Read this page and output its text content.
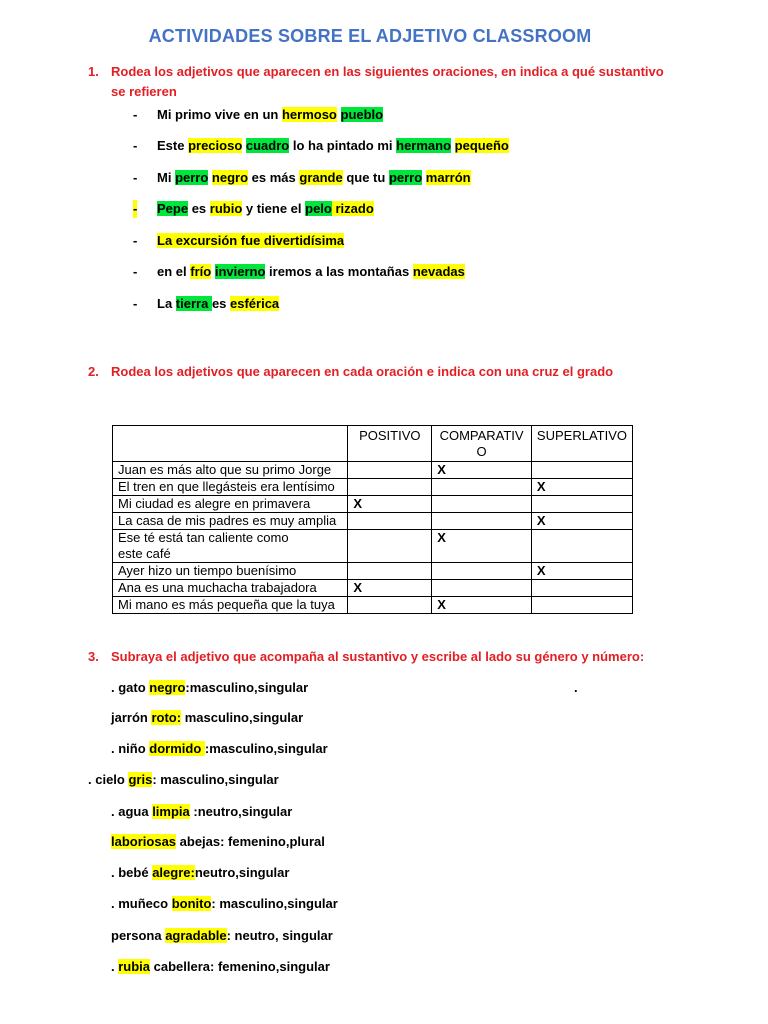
ACTIVIDADES SOBRE EL ADJETIVO CLASSROOM
1. Rodea los adjetivos que aparecen en las siguientes oraciones, en indica a qué sustantivo se refieren
- Mi primo vive en un hermoso pueblo
- Este precioso cuadro lo ha pintado mi hermano pequeño
- Mi perro negro es más grande que tu perro marrón
- Pepe es rubio y tiene el pelo rizado
- La excursión fue divertidísima
- en el frío invierno iremos a las montañas nevadas
- La tierra es esférica
2. Rodea los adjetivos que aparecen en cada oración e indica con una cruz el grado
	POSITIVO	COMPARATIVO	SUPERLATIVO
Juan es más alto que su primo Jorge		X	
El tren en que llegásteis era lentísimo			X
Mi ciudad es alegre en primavera	X		
La casa de mis padres es muy amplia			X
Ese té está tan caliente como este café		X	
Ayer hizo un tiempo buenísimo			X
Ana es una muchacha trabajadora	X		
Mi mano es más pequeña que la tuya		X	
3. Subraya el adjetivo que acompaña al sustantivo y escribe al lado su género y número:
. gato negro:masculino,singular	.
jarrón roto: masculino,singular
. niño dormido :masculino,singular
. cielo gris: masculino,singular
. agua limpia :neutro,singular
laboriosas abejas: femenino,plural
. bebé alegre:neutro,singular
. muñeco bonito: masculino,singular
persona agradable: neutro, singular
. rubia cabellera: femenino,singular
